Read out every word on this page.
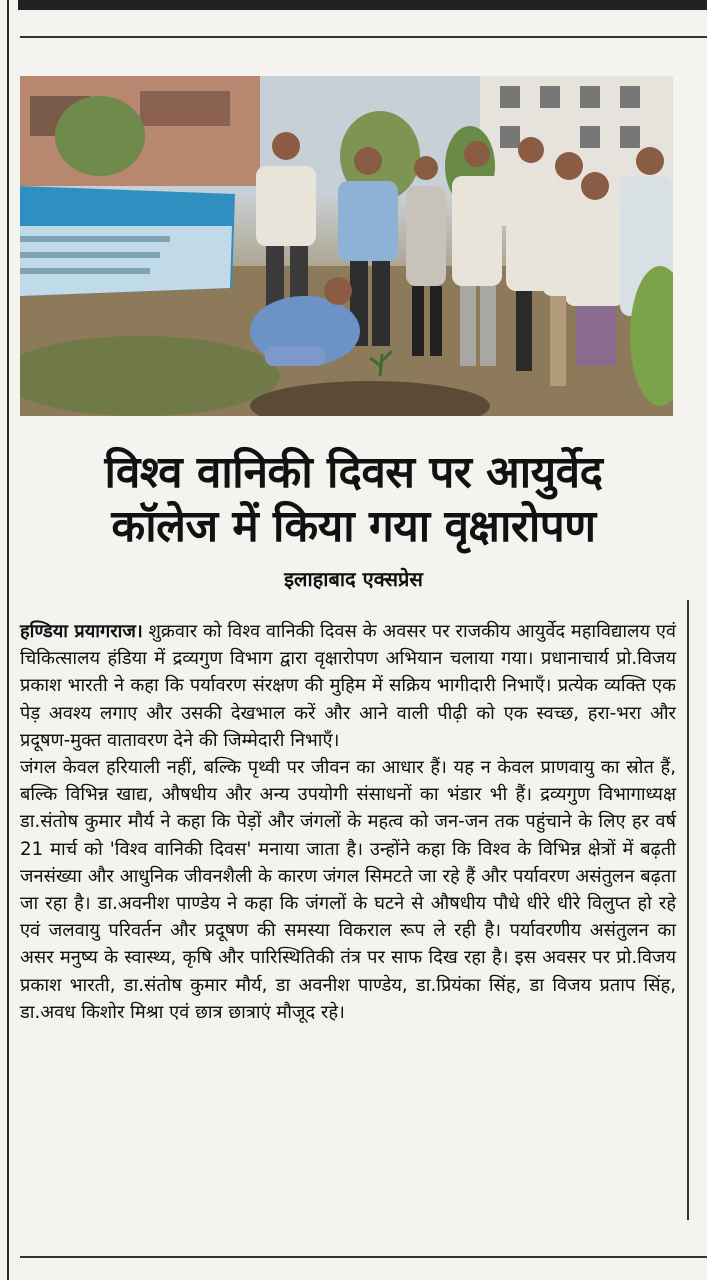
विश्व वानिकी दिवस पर आयुर्वेद
कॉलेज में किया गया वृक्षारोपण
इलाहाबाद एक्सप्रेस

हण्डिया प्रयागराज। शुक्रवार को विश्व वानिकी दिवस के अवसर पर राजकीय आयुर्वेद महाविद्यालय एवं चिकित्सालय हंडिया में द्रव्यगुण विभाग द्वारा वृक्षारोपण अभियान चलाया गया। प्रधानाचार्य प्रो.विजय प्रकाश भारती ने कहा कि पर्यावरण संरक्षण की मुहिम में सक्रिय भागीदारी निभाएँ। प्रत्येक व्यक्ति एक पेड़ अवश्य लगाए और उसकी देखभाल करें और आने वाली पीढ़ी को एक स्वच्छ, हरा-भरा और प्रदूषण-मुक्त वातावरण देने की जिम्मेदारी निभाएँ।

जंगल केवल हरियाली नहीं, बल्कि पृथ्वी पर जीवन का आधार हैं। यह न केवल प्राणवायु का स्रोत हैं, बल्कि विभिन्न खाद्य, औषधीय और अन्य उपयोगी संसाधनों का भंडार भी हैं। द्रव्यगुण विभागाध्यक्ष डा.संतोष कुमार मौर्य ने कहा कि पेड़ों और जंगलों के महत्व को जन-जन तक पहुंचाने के लिए हर वर्ष 21 मार्च को 'विश्व वानिकी दिवस' मनाया जाता है। उन्होंने कहा कि विश्व के विभिन्न क्षेत्रों में बढ़ती जनसंख्या और आधुनिक जीवनशैली के कारण जंगल सिमटते जा रहे हैं और पर्यावरण असंतुलन बढ़ता जा रहा है। डा.अवनीश पाण्डेय ने कहा कि जंगलों के घटने से औषधीय पौधे धीरे धीरे विलुप्त हो रहे एवं जलवायु परिवर्तन और प्रदूषण की समस्या विकराल रूप ले रही है। पर्यावरणीय असंतुलन का असर मनुष्य के स्वास्थ्य, कृषि और पारिस्थितिकी तंत्र पर साफ दिख रहा है। इस अवसर पर प्रो.विजय प्रकाश भारती, डा.संतोष कुमार मौर्य, डा अवनीश पाण्डेय, डा.प्रियंका सिंह, डा विजय प्रताप सिंह, डा.अवध किशोर मिश्रा एवं छात्र छात्राएं मौजूद रहे।
